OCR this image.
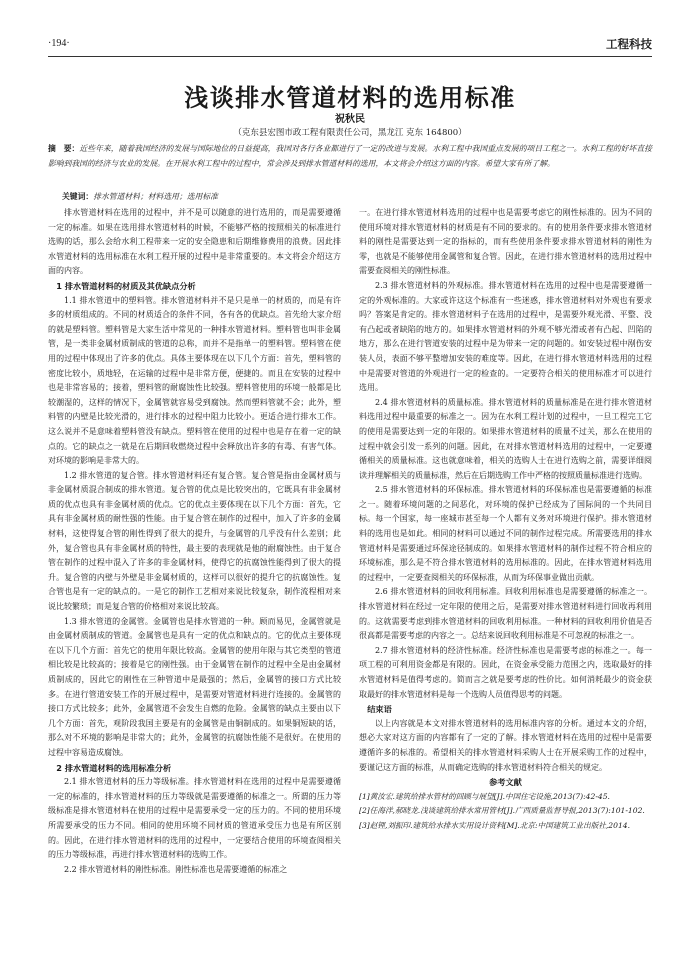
·194·	工程科技
浅谈排水管道材料的选用标准
祝秋民
（克东县宏图市政工程有限责任公司，黑龙江 克东 164800）
摘　要：近些年来，随着我国经济的发展与国际地位的日益提高，我国对各行各业都进行了一定的改进与发展。水利工程中我国重点发展的项目工程之一。水利工程的好坏直接影响到我国的经济与农业的发展。在开展水利工程中的过程中，常会涉及到排水管道材料的选用，本文将会介绍这方面的内容。希望大家有所了解。
关键词：排水管道材料；材料选用；选用标准

排水管道材料在选用的过程中，并不是可以随意的进行选用的，而是需要遵循一定的标准。如果在选用排水管道材料的时候，不能够严格的按照相关的标准进行选购的话，那么会给水利工程带来一定的安全隐患和后期维修费用的浪费。因此排水管道材料的选用标准在水利工程开展的过程中是非常重要的。本文将会介绍这方面的内容。

1 排水管道材料的材质及其优缺点分析

1.1 排水管道中的塑料管。排水管道材料并不是只是单一的材质的，而是有许多的材质组成的。不同的材质适合的条件不同，各有各的优缺点。首先给大家介绍的就是塑料管。塑料管是大家生活中常见的一种排水管道材料。塑料管也叫非金属管，是一类非金属材质制成的管道的总称，而并不是指单一的塑料管。塑料管在使用的过程中体现出了许多的优点。具体主要体现在以下几个方面：首先，塑料管的密度比较小，质地轻，在运输的过程中是非常方便，便捷的。而且在安装的过程中也是非常容易的；接着，塑料管的耐腐蚀性比较强。塑料管使用的环境一般都是比较潮湿的，这样的情况下，金属管就容易受到腐蚀。然而塑料管就不会；此外，塑料管的内壁是比较光滑的，进行排水的过程中阻力比较小。更适合进行排水工作。这么说并不是意味着塑料管没有缺点。塑料管在使用的过程中也是存在着一定的缺点的。它的缺点之一就是在后期回收燃烧过程中会释放出许多的有毒、有害气体。对环境的影响是非常大的。

1.2 排水管道的复合管。排水管道材料还有复合管。复合管是指由金属材质与非金属材质混合制成的排水管道。复合管的优点是比较突出的，它既具有非金属材质的优点也具有非金属材质的优点。它的优点主要体现在以下几个方面：首先，它具有非金属材质的耐性强的性能。由于复合管在制作的过程中，加入了许多的金属材料，这使得复合管的刚性得到了很大的提升，与金属管的几乎没有什么差别；此外，复合管也具有非金属材质的特性，最主要的表现就是他的耐腐蚀性。由于复合管在制作的过程中混入了许多的非金属材料，使得它的抗腐蚀性能得到了很大的提升。复合管的内壁与外壁是非金属材质的，这样可以很好的提升它的抗腐蚀性。复合管也是有一定的缺点的。一是它的制作工艺相对来说比较复杂，制作流程相对来说比较繁琐；而是复合管的价格相对来说比较高。

1.3 排水管道的金属管。金属管也是排水管道的一种。顾而易见，金属管就是由金属材质制成的管道。金属管也是具有一定的优点和缺点的。它的优点主要体现在以下几个方面：首先它的使用年限比较高。金属管的使用年限与其它类型的管道相比较是比较高的；接着是它的刚性强。由于金属管在制作的过程中全是由金属材质制成的，因此它的刚性在三种管道中是最强的；然后，金属管的接口方式比较多。在进行管道安装工作的开展过程中，是需要对管道材料进行连接的。金属管的接口方式比较多；此外，金属管道不会发生自燃的危险。金属管的缺点主要由以下几个方面：首先，观阶段我国主要是有的金属管是由铜制成的。如果铜短缺的话，那么对不环境的影响是非常大的；此外，金属管的抗腐蚀性能不是很好。在使用的过程中容易造成腐蚀。

2 排水管道材料的选用标准分析

2.1 排水管道材料的压力等级标准。排水管道材料在选用的过程中是需要遵循一定的标准的，排水管道材料的压力等级就是需要遵循的标准之一。所谓的压力等级标准是排水管道材料在使用的过程中是需要承受一定的压力的。不同的使用环境所需要承受的压力不同。相同的使用环境不同材质的管道承受压力也是有所区别的。因此，在进行排水管道材料的选用的过程中，一定要结合使用的环境查阅相关的压力等级标准，再进行排水管道材料的选购工作。

2.2 排水管道材料的刚性标准。刚性标准也是需要遵循的标准之

一。在进行排水管道材料选用的过程中也是需要考虑它的刚性标准的。因为不同的使用环境对排水管道材料的材质是有不同的要求的。有的使用条件要求排水管道材料的刚性是需要达到一定的指标的，而有些使用条件要求排水管道材料的刚性为零，也就是不能够使用金属管和复合管。因此，在进行排水管道材料的选用过程中需要查阅相关的刚性标准。

2.3 排水管道材料的外观标准。排水管道材料在选用的过程中也是需要遵循一定的外观标准的。大家或许这这个标准有一些迷惑，排水管道材料对外观也有要求吗？答案是肯定的。排水管道材料子在选用的过程中，是需要外观光滑、平整、没有凸起或者缺陷的地方的。如果排水管道材料的外观不够光滑或者有凸起、凹陷的地方，那么在进行管道安装的过程中是为带来一定的问题的。如安装过程中剐伤安装人员，表面不够平整增加安装的难度等。因此，在进行排水管道材料选用的过程中是需要对管道的外观进行一定的检查的。一定要符合相关的使用标准才可以进行选用。

2.4 排水管道材料的质量标准。排水管道材料的质量标准是在进行排水管道材料选用过程中最重要的标准之一。因为在水利工程计划的过程中，一旦工程完工它的使用是需要达到一定的年限的。如果排水管道材料的质量不过关，那么在使用的过程中就会引发一系列的问题。因此，在对排水管道材料选用的过程中，一定要遵循相关的质量标准。这也就意味着，相关的选购人士在进行选购之前，需要详细阅读并理解相关的质量标准，然后在后期选购工作中严格的按照质量标准进行选购。

2.5 排水管道材料的环保标准。排水管道材料的环保标准也是需要遵循的标准之一。随着环境问题的之间恶化，对环境的保护已经成为了国际间的一个共同目标。每一个国家，每一座城市甚至每一个人都有义务对环境进行保护。排水管道材料的选用也是如此。相同的材料可以通过不同的制作过程完成。所需要选用的排水管道材料是需要通过环保途径制成的。如果排水管道材料的制作过程不符合相应的环境标准，那么是不符合排水管道材料的选用标准的。因此，在排水管道材料选用的过程中，一定要查阅相关的环保标准，从而为环保事业做出贡献。

2.6 排水管道材料的回收利用标准。回收利用标准也是需要遵循的标准之一。排水管道材料在经过一定年限的使用之后，是需要对排水管道材料进行回收再利用的。这就需要考虑到排水管道材料的回收利用标准。一种材料的回收利用价值是否很高都是需要考虑的内容之一。总结来说回收利用标准是不可忽视的标准之一。

2.7 排水管道材料的经济性标准。经济性标准也是需要考虑的标准之一。每一项工程的可利用资金都是有限的。因此，在资金承受能力范围之内，选取最好的排水管道材料是值得考虑的。简而言之就是要考虑的性价比。如何消耗最少的资金获取最好的排水管道材料是每一个选购人员值得思考的问题。

结束语

以上内容就是本文对排水管道材料的选用标准内容的分析。通过本文的介绍，想必大家对这方面的内容都有了一定的了解。排水管道材料在选用的过程中是需要遵循许多的标准的。希望相关的排水管道材料采购人士在开展采购工作的过程中，要谨记这方面的标准，从而确定选购的排水管道材料符合相关的规定。

参考文献
[1]黄汝宏.建筑给排水管材的回顾与展望[J].中国住宅设施,2013(7):42-45.
[2]任海洋,郝晓龙.浅谈建筑给排水常用管材[J].广西质量监督导报,2013(7):101-102.
[3]赵锂,刘振印.建筑给水排水实用设计资料[M].北京:中国建筑工业出版社,2014.
